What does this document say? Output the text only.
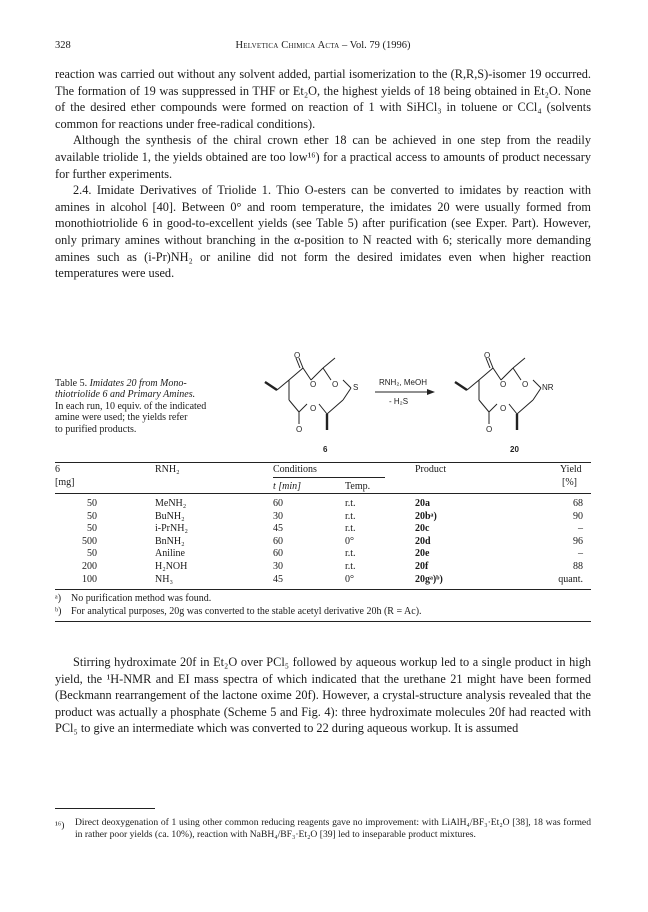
328	Helvetica Chimica Acta – Vol. 79 (1996)

reaction was carried out without any solvent added, partial isomerization to the (R,R,S)-isomer 19 occurred. The formation of 19 was suppressed in THF or Et₂O, the highest yields of 18 being obtained in Et₂O. None of the desired ether compounds were formed on reaction of 1 with SiHCl₃ in toluene or CCl₄ (solvents common for reactions under free-radical conditions).

Although the synthesis of the chiral crown ether 18 can be achieved in one step from the readily available triolide 1, the yields obtained are too low¹⁶) for a practical access to amounts of product necessary for further experiments.

2.4. Imidate Derivatives of Triolide 1. Thio O-esters can be converted to imidates by reaction with amines in alcohol [40]. Between 0° and room temperature, the imidates 20 were usually formed from monothiotriolide 6 in good-to-excellent yields (see Table 5) after purification (see Exper. Part). However, only primary amines without branching in the α-position to N reacted with 6; sterically more demanding amines such as (i-Pr)NH₂ or aniline did not form the desired imidates even when higher reaction temperatures were used.

Table 5. Imidates 20 from Mono-
thiotriolide 6 and Primary Amines.
In each run, 10 equiv. of the indicated
amine were used; the yields refer
to purified products.
O
O O
O
O
S
6
RNH₂, MeOH
- H₂S
O
O O
O
O
NR
20
6
[mg]
RNH₂	Conditions
t [min]	Temp.
Product	Yield
[%]
50	MeNH₂	60	r.t.	20a	68
50	BuNH₂	30	r.t.	20bᵃ)	90
50	i-PrNH₂	45	r.t.	20c	–
500	BnNH₂	60	0°	20d	96
50	Aniline	60	r.t.	20e	–
200	H₂NOH	30	r.t.	20f	88
100	NH₃	45	0°	20gᵃ)ᵇ)	quant.
ᵃ) No purification method was found.
ᵇ) For analytical purposes, 20g was converted to the stable acetyl derivative 20h (R = Ac).

Stirring hydroximate 20f in Et₂O over PCl₅ followed by aqueous workup led to a single product in high yield, the ¹H-NMR and EI mass spectra of which indicated that the urethane 21 might have been formed (Beckmann rearrangement of the lactone oxime 20f). However, a crystal-structure analysis revealed that the product was actually a phosphate (Scheme 5 and Fig. 4): three hydroximate molecules 20f had reacted with PCl₅ to give an intermediate which was converted to 22 during aqueous workup. It is assumed

¹⁶) Direct deoxygenation of 1 using other common reducing reagents gave no improvement: with LiAlH₄/BF₃·Et₂O [38], 18 was formed in rather poor yields (ca. 10%), reaction with NaBH₄/BF₃·Et₂O [39] led to inseparable product mixtures.
